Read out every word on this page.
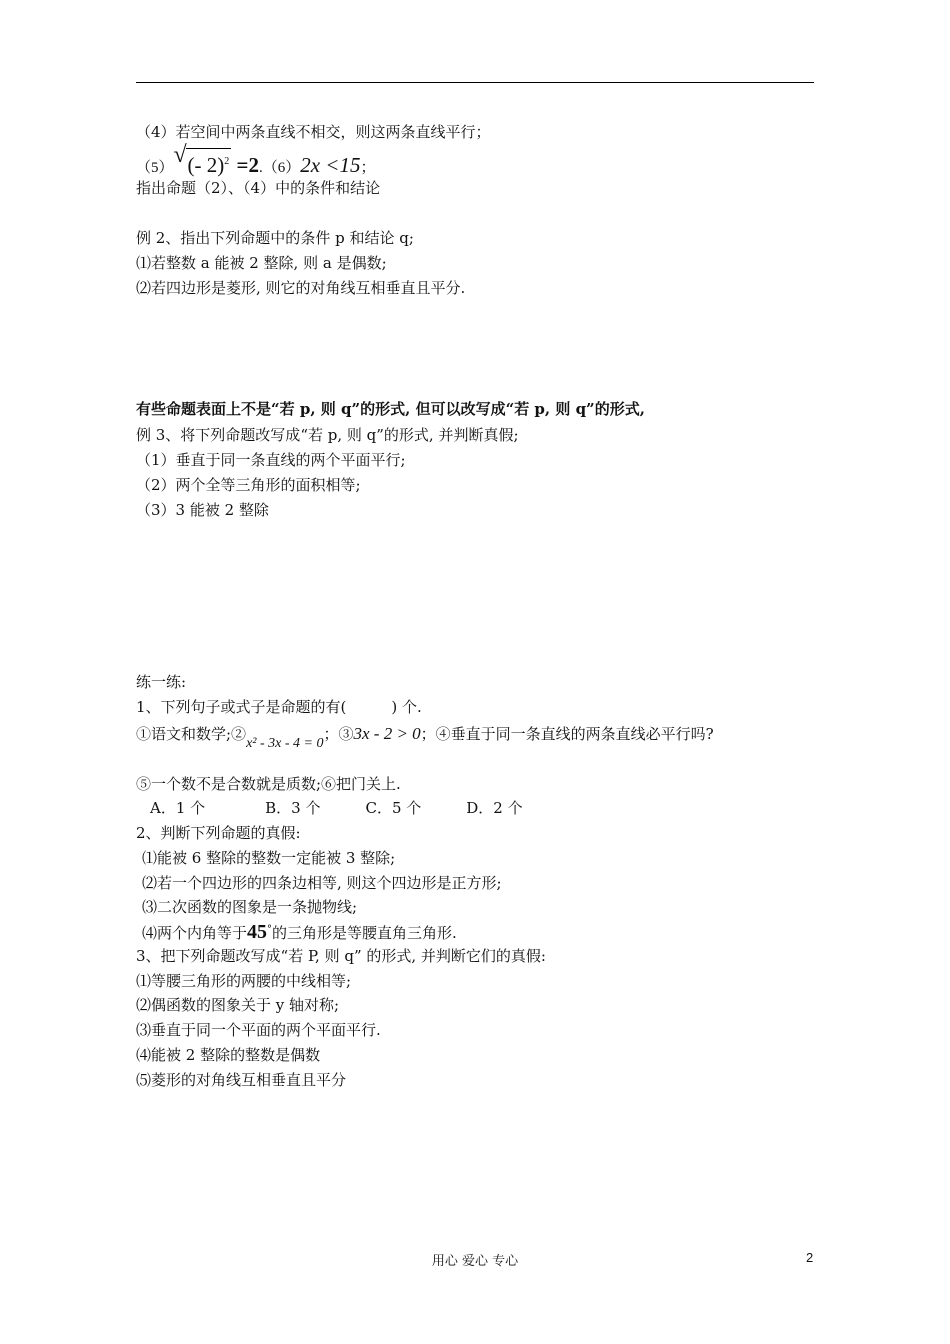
（4）若空间中两条直线不相交，则这两条直线平行；
（5） √ (- 2)$^2$ =2.（6）2x <15；
指出命题（2）、（4）中的条件和结论
例 2、指出下列命题中的条件 p 和结论 q;
⑴若整数 a 能被 2 整除, 则 a 是偶数;
⑵若四边形是菱形, 则它的对角线互相垂直且平分.
有些命题表面上不是“若 p, 则 q”的形式, 但可以改写成“若 p, 则 q”的形式,
例 3、将下列命题改写成“若 p, 则 q”的形式, 并判断真假;
（1）垂直于同一条直线的两个平面平行;
（2）两个全等三角形的面积相等;
（3）3 能被 2 整除
练一练:
1、下列句子或式子是命题的有(　　　) 个.
①语文和数学;②x² - 3x - 4 = 0；③3x - 2 > 0；④垂直于同一条直线的两条直线必平行吗?
⑤一个数不是合数就是质数;⑥把门关上.
A．1 个　　　　B．3 个　　　C．5 个　　　D．2 个
2、判断下列命题的真假:
⑴能被 6 整除的整数一定能被 3 整除;
⑵若一个四边形的四条边相等, 则这个四边形是正方形;
⑶二次函数的图象是一条抛物线;
⑷两个内角等于45°的三角形是等腰直角三角形.
3、把下列命题改写成“若 P, 则 q” 的形式, 并判断它们的真假:
⑴等腰三角形的两腰的中线相等;
⑵偶函数的图象关于 y 轴对称;
⑶垂直于同一个平面的两个平面平行.
⑷能被 2 整除的整数是偶数
⑸菱形的对角线互相垂直且平分
用心 爱心 专心	2
